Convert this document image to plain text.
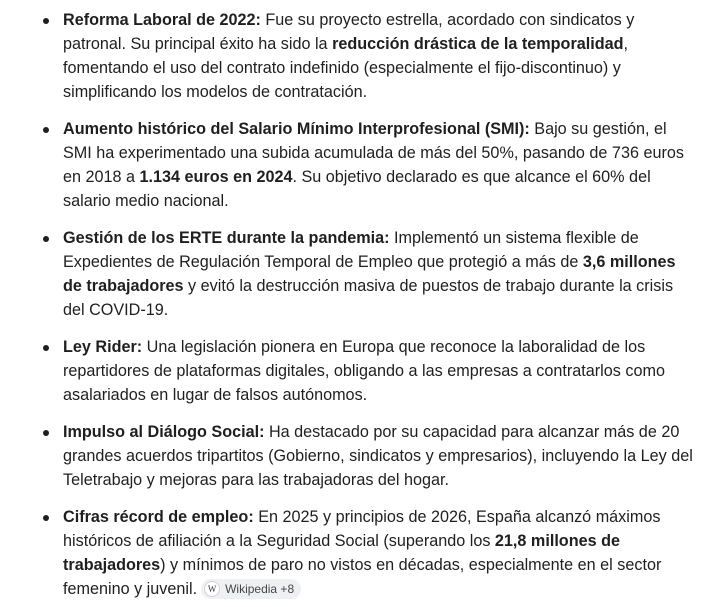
Reforma Laboral de 2022: Fue su proyecto estrella, acordado con sindicatos y patronal. Su principal éxito ha sido la reducción drástica de la temporalidad, fomentando el uso del contrato indefinido (especialmente el fijo-discontinuo) y simplificando los modelos de contratación.
Aumento histórico del Salario Mínimo Interprofesional (SMI): Bajo su gestión, el SMI ha experimentado una subida acumulada de más del 50%, pasando de 736 euros en 2018 a 1.134 euros en 2024. Su objetivo declarado es que alcance el 60% del salario medio nacional.
Gestión de los ERTE durante la pandemia: Implementó un sistema flexible de Expedientes de Regulación Temporal de Empleo que protegió a más de 3,6 millones de trabajadores y evitó la destrucción masiva de puestos de trabajo durante la crisis del COVID-19.
Ley Rider: Una legislación pionera en Europa que reconoce la laboralidad de los repartidores de plataformas digitales, obligando a las empresas a contratarlos como asalariados en lugar de falsos autónomos.
Impulso al Diálogo Social: Ha destacado por su capacidad para alcanzar más de 20 grandes acuerdos tripartitos (Gobierno, sindicatos y empresarios), incluyendo la Ley del Teletrabajo y mejoras para las trabajadoras del hogar.
Cifras récord de empleo: En 2025 y principios de 2026, España alcanzó máximos históricos de afiliación a la Seguridad Social (superando los 21,8 millones de trabajadores) y mínimos de paro no vistos en décadas, especialmente en el sector femenino y juvenil.	W Wikipedia +8
